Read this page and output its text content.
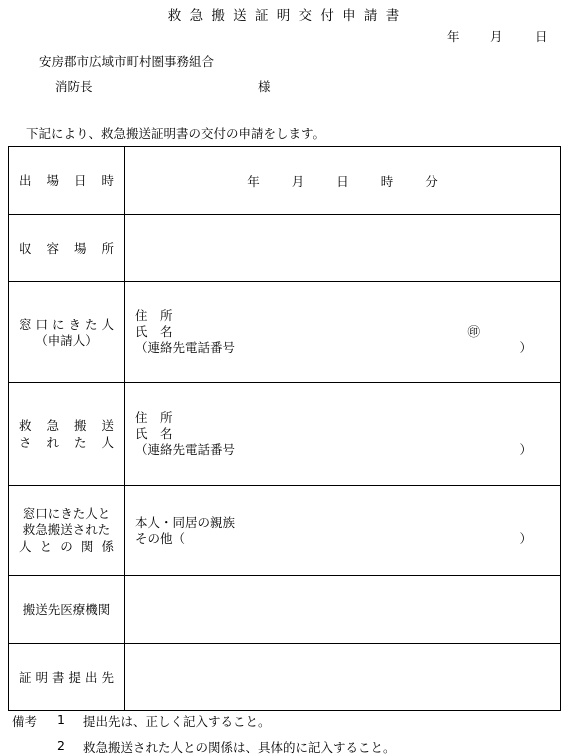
救 急 搬 送 証 明 交 付 申 請 書
年 月	日
安房郡市広域市町村圏事務組合
消防長	様
下記により、救急搬送証明書の交付の申請をします。
出場日時	年 月 日 時 分

収容場所	

窓口にきた人
（申請人）	住　所
氏　名 ㊞
（連絡先電話番号 ）

救急搬送
された人	住　所
氏　名
（連絡先電話番号 ）

窓口にきた人と
救急搬送された
人との関係	本人・同居の親族
その他（ ）

搬送先医療機関	

証明書提出先	

備考 1 提出先は、正しく記入すること。
2 救急搬送された人との関係は、具体的に記入すること。
